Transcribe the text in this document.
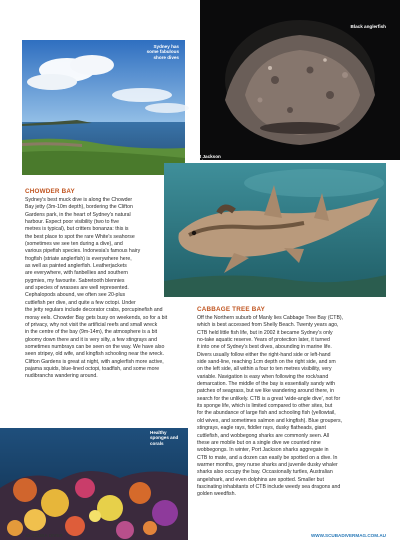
Sydney has some fabulous shore dives
Black anglerfish
Port Jackson sharks
Healthy sponges and corals
CHOWDER BAY
Sydney's best muck dive is along the Chowder
Bay jetty (3m-10m depth), bordering the Clifton
Gardens park, in the heart of Sydney's natural
harbour. Expect poor visibility (two to five
metres is typical), but critters bonanza: this is
the best place to spot the rare White's seahorse
(sometimes we see ten during a dive), and
various pipefish species. Indonesia's famous hairy
frogfish (striate anglerfish) is everywhere here,
as well as painted anglerfish. Leatherjackets
are everywhere, with fanbellies and southern
pygmies, my favourite. Sabretooth blennies
and species of wrasses are well represented.
Cephalopods abound, we often see 20-plus
cuttlefish per dive, and quite a few octopi. Under
the jetty regulars include decorator crabs, porcupinefish and
moray eels. Chowder Bay gets busy on weekends, so for a bit
of privacy, why not visit the artificial reefs and small wreck
in the centre of the bay (9m-14m), the atmosphere is a bit
gloomy down there and it is very silty, a few stingrays and
sometimes numbrays can be seen on the way. We have also
seen stripey, old wife, and kingfish schooling near the wreck.
Clifton Gardens is great at night, with anglerfish more active,
pajama squids, blue-lined octopi, toadfish, and some more
nudibranchs wandering around.
CABBAGE TREE BAY
Off the Northern suburb of Manly lies Cabbage Tree Bay (CTB),
which is best accessed from Shelly Beach. Twenty years ago,
CTB held little fish life, but in 2002 it became Sydney's only
no-take aquatic reserve. Years of protection later, it turned
it into one of Sydney's best dives, abounding in marine life.
Divers usually follow either the right-hand side or left-hand
side sand-line, reaching 1cm depth on the right side, and sm
on the left side, all within a four to ten metres visibility, very
variable. Navigation is easy when following the rock/sand
demarcation. The middle of the bay is essentially sandy with
patches of seagrass, but we like wandering around there, in
search for the unlikely. CTB is a great 'wide-angle dive', not for
its sponge life, which is limited compared to other sites, but
for the abundance of large fish and schooling fish (yellowtail,
old wives, and sometimes salmon and kingfish). Blue groupers,
stingrays, eagle rays, fiddler rays, dusky flatheads, giant
cuttlefish, and wobbegong sharks are commonly seen. All
these are mobile but on a single dive we counted nine
wobbegongs. In winter, Port Jackson sharks aggregate in
CTB to mate, and a dozen can easily be spotted on a dive. In
warmer months, grey nurse sharks and juvenile dusky whaler
sharks also occupy the bay. Occasionally turtles, Australian
angelshark, and even dolphins are spotted. Smaller but
fascinating inhabitants of CTB include weedy sea dragons and
golden weedfish.
40 SCUBA DIVER	WWW.SCUBADIVERMAG.COM.AU
